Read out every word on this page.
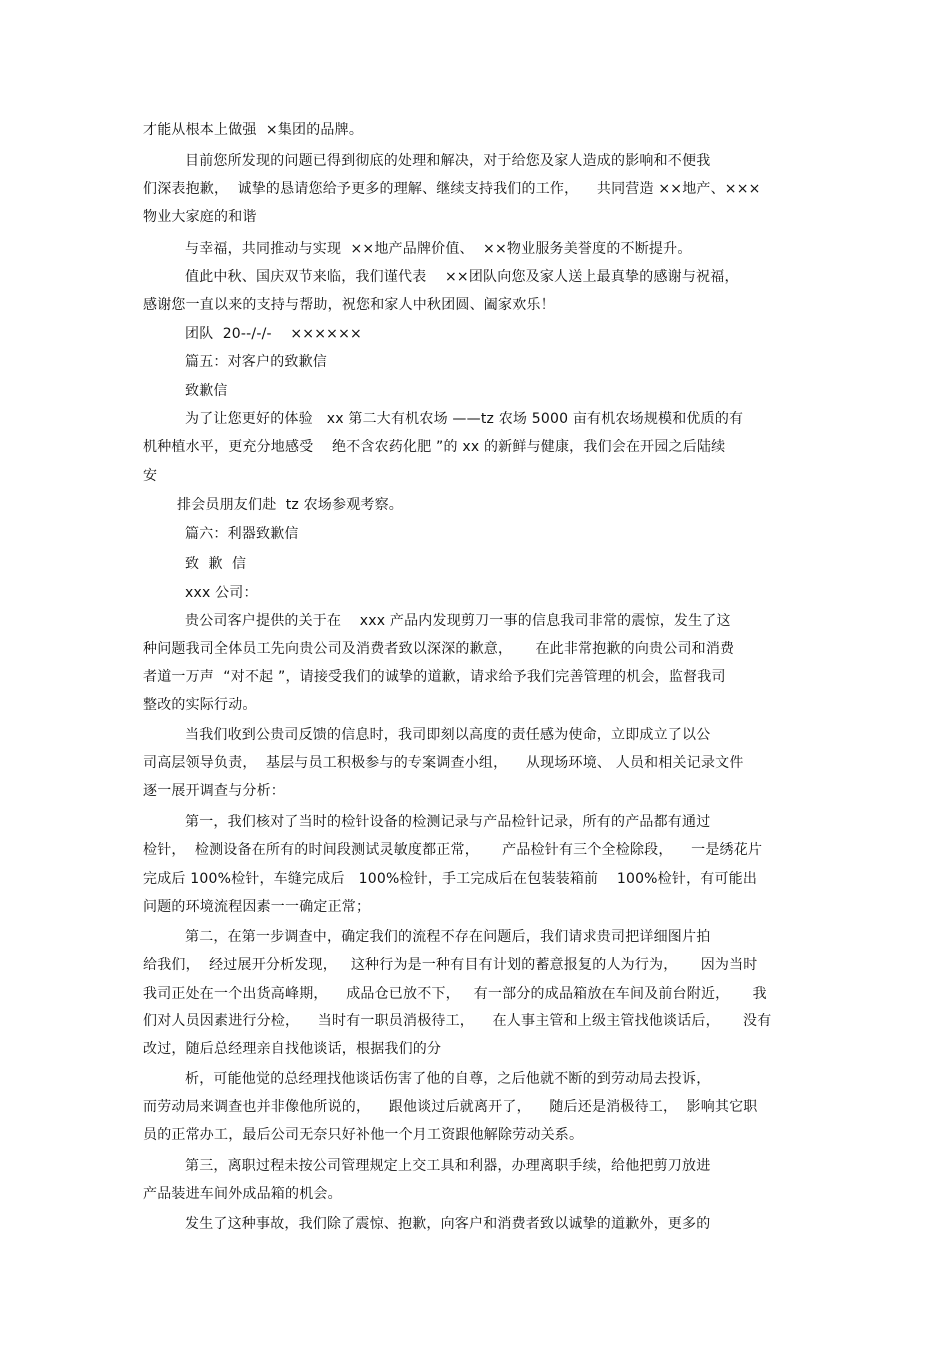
才能从根本上做强  ×集团的品牌。
目前您所发现的问题已得到彻底的处理和解决，对于给您及家人造成的影响和不便我
们深表抱歉，  诚挚的恳请您给予更多的理解、继续支持我们的工作，    共同营造 ××地产、×××
物业大家庭的和谐
与幸福，共同推动与实现  ××地产品牌价值、  ××物业服务美誉度的不断提升。
值此中秋、国庆双节来临，我们谨代表    ××团队向您及家人送上最真挚的感谢与祝福，
感谢您一直以来的支持与帮助，祝您和家人中秋团圆、阖家欢乐！
团队  20--/-/-    ××××××
篇五：对客户的致歉信
致歉信
为了让您更好的体验   xx 第二大有机农场 ——tz 农场 5000 亩有机农场规模和优质的有
机种植水平，更充分地感受    绝不含农药化肥 ”的 xx 的新鲜与健康，我们会在开园之后陆续
安
排会员朋友们赴  tz 农场参观考察。
篇六：利器致歉信
致  歉  信
xxx 公司：
贵公司客户提供的关于在    xxx 产品内发现剪刀一事的信息我司非常的震惊，发生了这
种问题我司全体员工先向贵公司及消费者致以深深的歉意，     在此非常抱歉的向贵公司和消费
者道一万声  “对不起 ”，请接受我们的诚挚的道歉，请求给予我们完善管理的机会，监督我司
整改的实际行动。
当我们收到公贵司反馈的信息时，我司即刻以高度的责任感为使命，立即成立了以公
司高层领导负责，  基层与员工积极参与的专案调查小组，    从现场环境、 人员和相关记录文件
逐一展开调查与分析：
第一，我们核对了当时的检针设备的检测记录与产品检针记录，所有的产品都有通过
检针，  检测设备在所有的时间段测试灵敏度都正常，     产品检针有三个全检除段，    一是绣花片
完成后 100%检针，车缝完成后   100%检针，手工完成后在包装装箱前    100%检针，有可能出
问题的环境流程因素一一确定正常；
第二，在第一步调查中，确定我们的流程不存在问题后，我们请求贵司把详细图片拍
给我们，  经过展开分析发现，   这种行为是一种有目有计划的蓄意报复的人为行为，     因为当时
我司正处在一个出货高峰期，    成品仓已放不下，   有一部分的成品箱放在车间及前台附近，     我
们对人员因素进行分检，    当时有一职员消极待工，    在人事主管和上级主管找他谈话后，     没有
改过，随后总经理亲自找他谈话，根据我们的分
析，可能他觉的总经理找他谈话伤害了他的自尊，之后他就不断的到劳动局去投诉，
而劳动局来调查也并非像他所说的，    跟他谈过后就离开了，    随后还是消极待工，  影响其它职
员的正常办工，最后公司无奈只好补他一个月工资跟他解除劳动关系。
第三，离职过程未按公司管理规定上交工具和利器，办理离职手续，给他把剪刀放进
产品装进车间外成品箱的机会。
发生了这种事故，我们除了震惊、抱歉，向客户和消费者致以诚挚的道歉外，更多的
